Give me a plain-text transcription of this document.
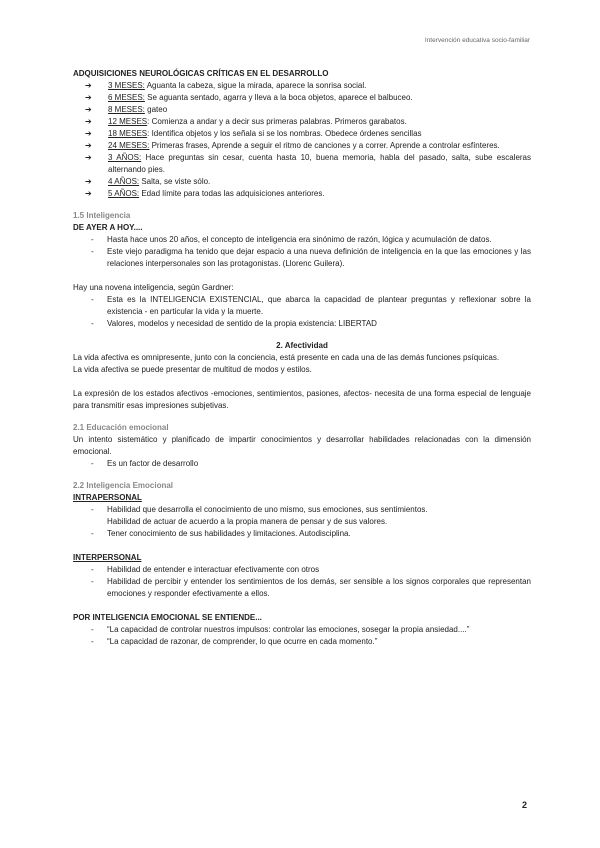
Intervención educativa socio-familiar

ADQUISICIONES NEUROLÓGICAS CRÍTICAS EN EL DESARROLLO

➔ 3 MESES: Aguanta la cabeza, sigue la mirada, aparece la sonrisa social.
➔ 6 MESES: Se aguanta sentado, agarra y lleva a la boca objetos, aparece el balbuceo.
➔ 8 MESES: gateo
➔ 12 MESES: Comienza a andar y a decir sus primeras palabras. Primeros garabatos.
➔ 18 MESES: Identifica objetos y los señala si se los nombras. Obedece órdenes sencillas
➔ 24 MESES: Primeras frases, Aprende a seguir el ritmo de canciones y a correr. Aprende a controlar esfínteres.
➔ 3 AÑOS: Hace preguntas sin cesar, cuenta hasta 10, buena memoria, habla del pasado, salta, sube escaleras alternando pies.
➔ 4 AÑOS: Salta, se viste sólo.
➔ 5 AÑOS: Edad límite para todas las adquisiciones anteriores.

1.5 Inteligencia

DE AYER A HOY....

- Hasta hace unos 20 años, el concepto de inteligencia era sinónimo de razón, lógica y acumulación de datos.
- Este viejo paradigma ha tenido que dejar espacio a una nueva definición de inteligencia en la que las emociones y las relaciones interpersonales son las protagonistas. (Llorenc Guilera).

Hay una novena inteligencia, según Gardner:

- Esta es la INTELIGENCIA EXISTENCIAL, que abarca la capacidad de plantear preguntas y reflexionar sobre la existencia - en particular la vida y la muerte.
- Valores, modelos y necesidad de sentido de la propia existencia: LIBERTAD

2. Afectividad

La vida afectiva es omnipresente, junto con la conciencia, está presente en cada una de las demás funciones psíquicas.

La vida afectiva se puede presentar de multitud de modos y estilos.

La expresión de los estados afectivos -emociones, sentimientos, pasiones, afectos- necesita de una forma especial de lenguaje para transmitir esas impresiones subjetivas.

2.1 Educación emocional

Un intento sistemático y planificado de impartir conocimientos y desarrollar habilidades relacionadas con la dimensión emocional.

- Es un factor de desarrollo

2.2 Inteligencia Emocional

INTRAPERSONAL

- Habilidad que desarrolla el conocimiento de uno mismo, sus emociones, sus sentimientos.
Habilidad de actuar de acuerdo a la propia manera de pensar y de sus valores.
- Tener conocimiento de sus habilidades y limitaciones. Autodisciplina.

INTERPERSONAL

- Habilidad de entender e interactuar efectivamente con otros
- Habilidad de percibir y entender los sentimientos de los demás, ser sensible a los signos corporales que representan emociones y responder efectivamente a ellos.

POR INTELIGENCIA EMOCIONAL SE ENTIENDE...

- “La capacidad de controlar nuestros impulsos: controlar las emociones, sosegar la propia ansiedad....”
- “La capacidad de razonar, de comprender, lo que ocurre en cada momento.”
2
